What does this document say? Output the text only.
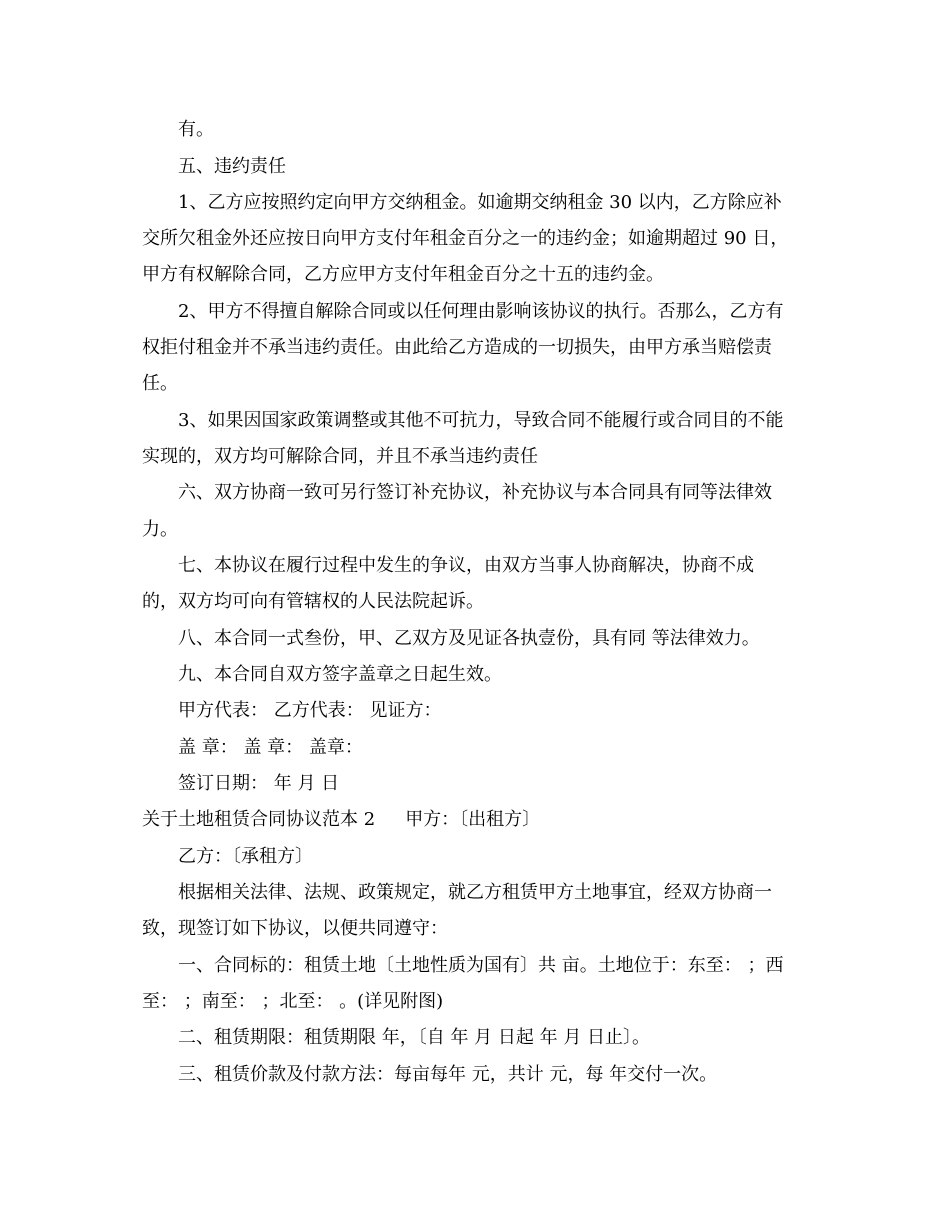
有。
五、违约责任
1、乙方应按照约定向甲方交纳租金。如逾期交纳租金 30 以内，乙方除应补
交所欠租金外还应按日向甲方支付年租金百分之一的违约金；如逾期超过 90 日，
甲方有权解除合同，乙方应甲方支付年租金百分之十五的违约金。
2、甲方不得擅自解除合同或以任何理由影响该协议的执行。否那么，乙方有
权拒付租金并不承当违约责任。由此给乙方造成的一切损失，由甲方承当赔偿责
任。
3、如果因国家政策调整或其他不可抗力，导致合同不能履行或合同目的不能
实现的，双方均可解除合同，并且不承当违约责任
六、双方协商一致可另行签订补充协议，补充协议与本合同具有同等法律效
力。
七、本协议在履行过程中发生的争议，由双方当事人协商解决，协商不成
的，双方均可向有管辖权的人民法院起诉。
八、本合同一式叁份，甲、乙双方及见证各执壹份，具有同 等法律效力。
九、本合同自双方签字盖章之日起生效。
甲方代表： 乙方代表： 见证方：
盖 章： 盖 章： 盖章：
签订日期： 年 月 日
关于土地租赁合同协议范本 2 甲方：〔出租方〕
乙方：〔承租方〕
根据相关法律、法规、政策规定，就乙方租赁甲方土地事宜，经双方协商一
致，现签订如下协议，以便共同遵守：
一、合同标的：租赁土地〔土地性质为国有〕共 亩。土地位于：东至： ；西
至： ；南至： ；北至： 。(详见附图)
二、租赁期限：租赁期限 年，〔自 年 月 日起 年 月 日止〕。
三、租赁价款及付款方法：每亩每年 元，共计 元，每 年交付一次。
